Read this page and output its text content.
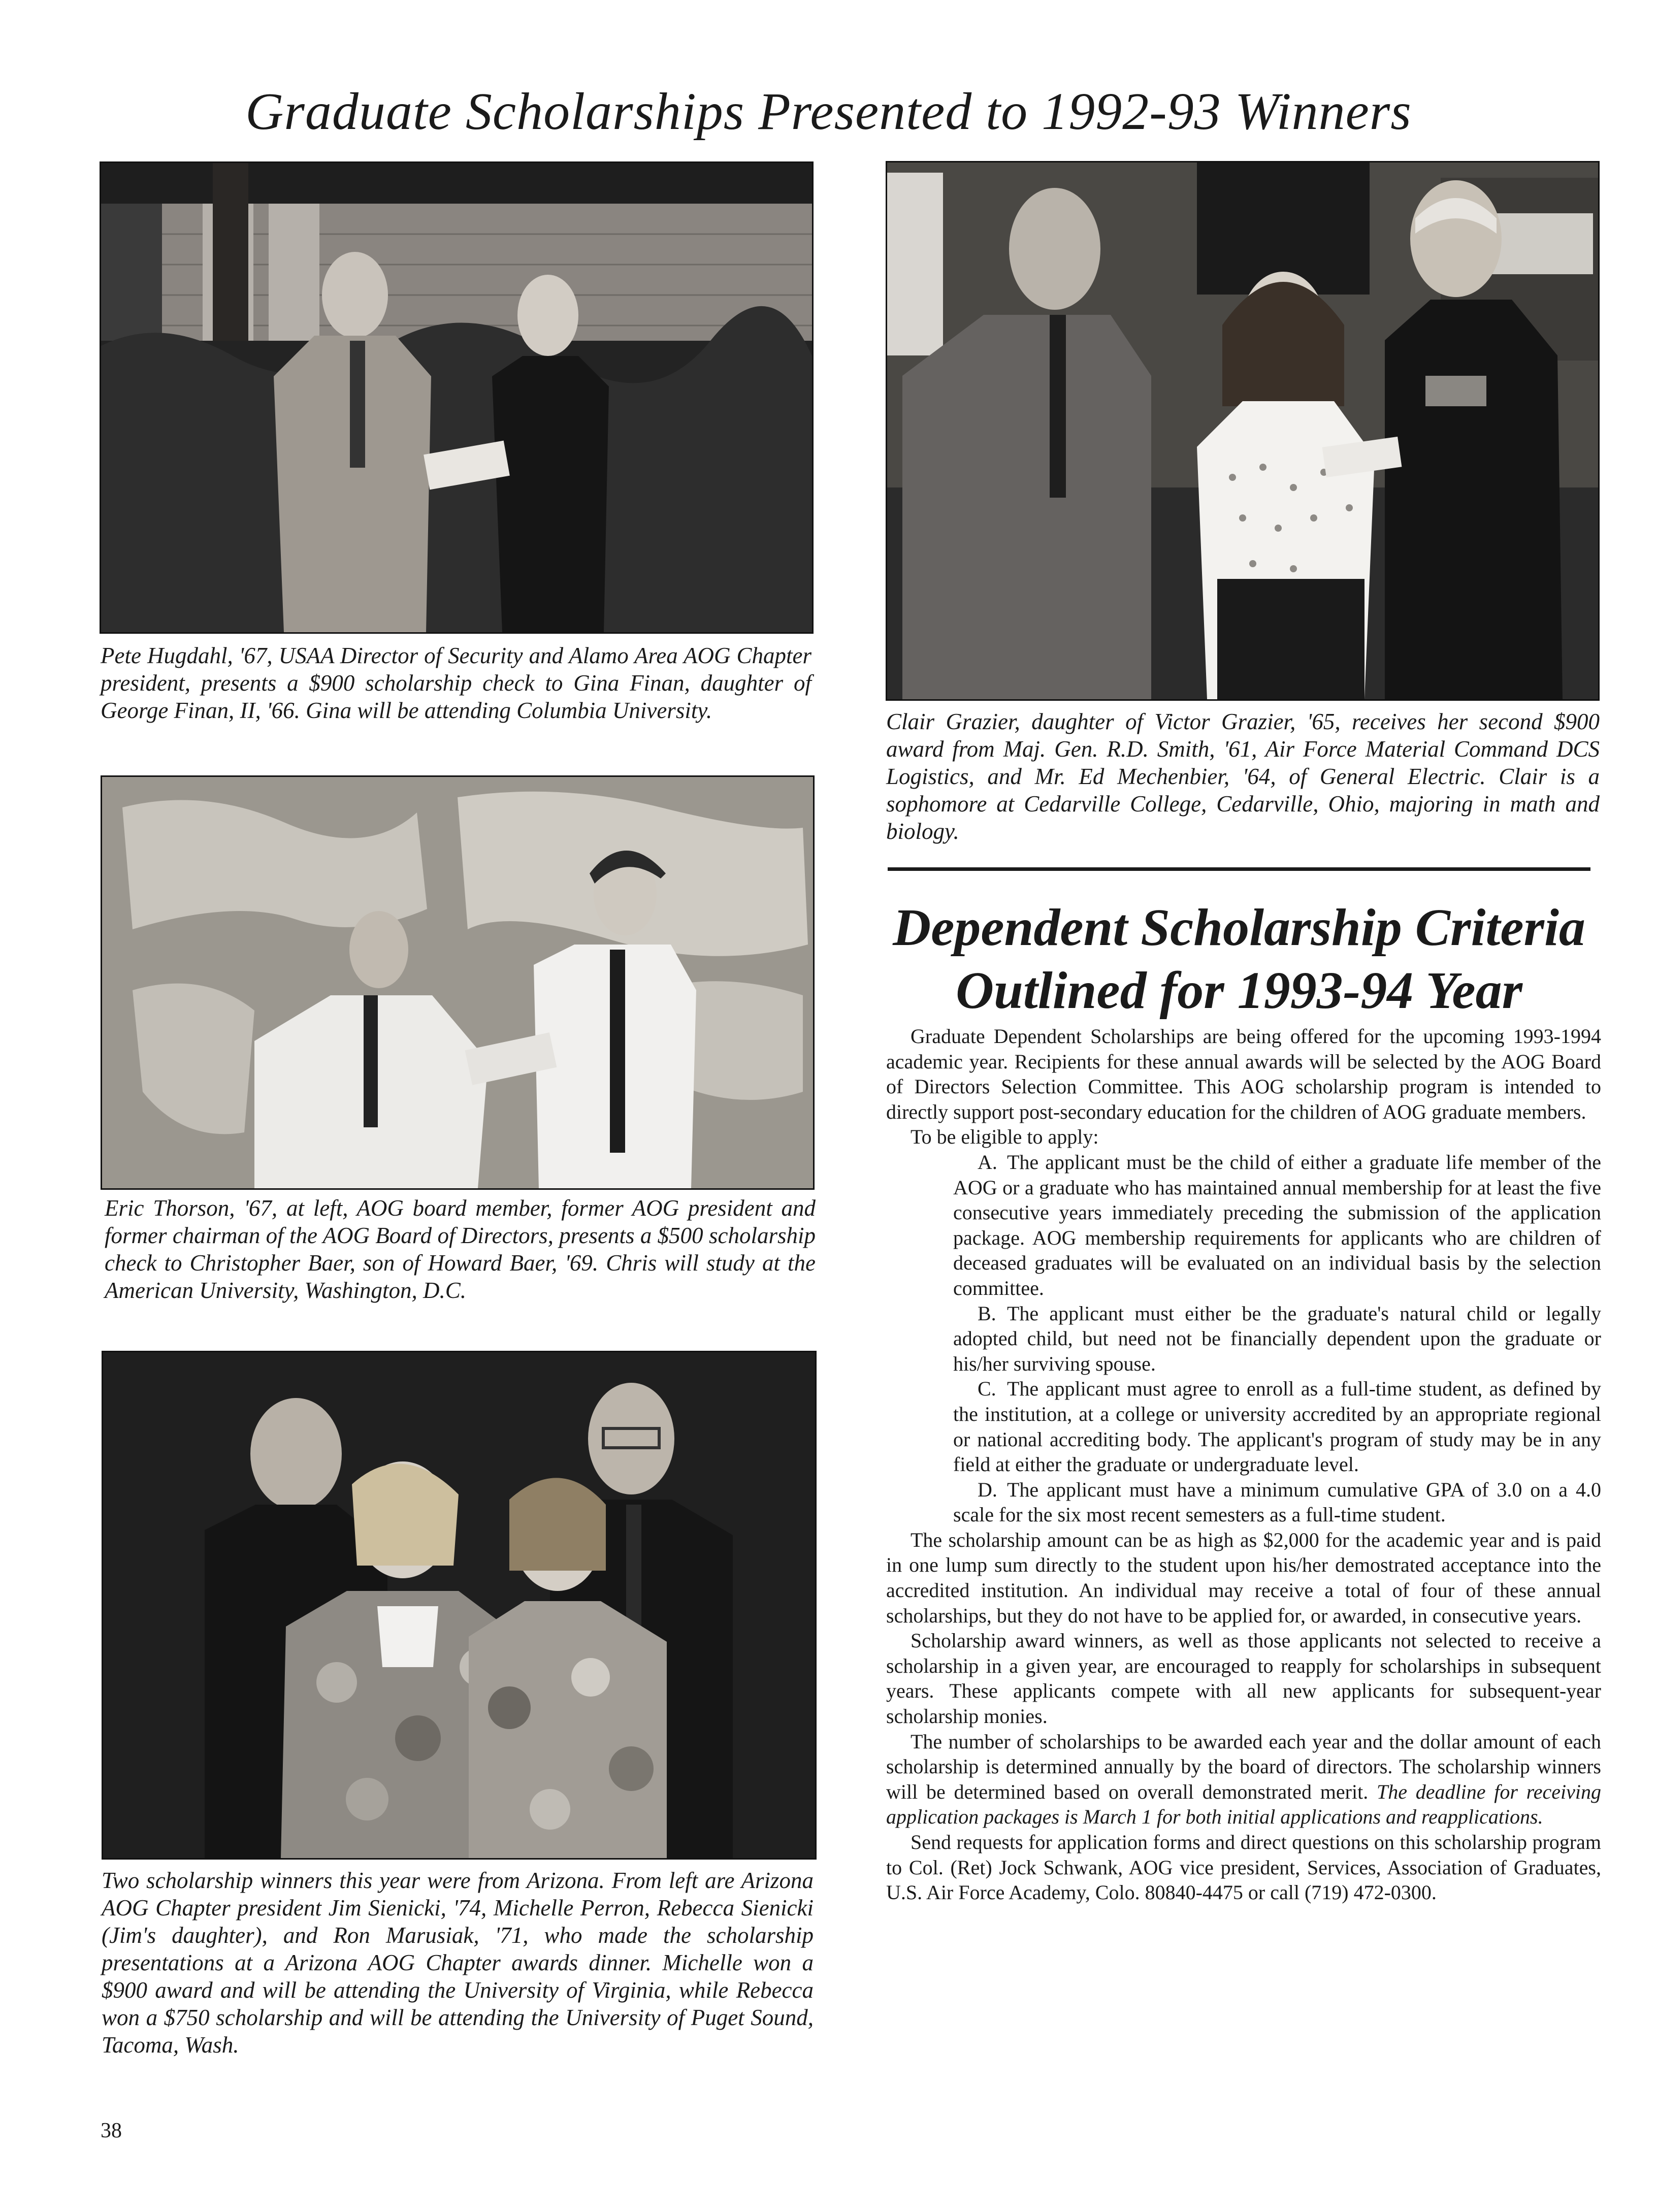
Graduate Scholarships Presented to 1992-93 Winners
Pete Hugdahl, '67, USAA Director of Security and Alamo Area AOG Chapter president, presents a $900 scholarship check to Gina Finan, daughter of George Finan, II, '66. Gina will be attending Columbia University.
Eric Thorson, '67, at left, AOG board member, former AOG president and former chairman of the AOG Board of Directors, presents a $500 scholarship check to Christopher Baer, son of Howard Baer, '69. Chris will study at the American University, Washington, D.C.
Two scholarship winners this year were from Arizona. From left are Arizona AOG Chapter president Jim Sienicki, '74, Michelle Perron, Rebecca Sienicki (Jim's daughter), and Ron Marusiak, '71, who made the scholarship presentations at a Arizona AOG Chapter awards dinner. Michelle won a $900 award and will be attending the University of Virginia, while Rebecca won a $750 scholarship and will be attending the University of Puget Sound, Tacoma, Wash.
Clair Grazier, daughter of Victor Grazier, '65, receives her second $900 award from Maj. Gen. R.D. Smith, '61, Air Force Material Command DCS Logistics, and Mr. Ed Mechenbier, '64, of General Electric. Clair is a sophomore at Cedarville College, Cedarville, Ohio, majoring in math and biology.
Dependent Scholarship Criteria
Outlined for 1993-94 Year

Graduate Dependent Scholarships are being offered for the upcoming 1993-1994 academic year. Recipients for these annual awards will be selected by the AOG Board of Directors Selection Committee. This AOG scholarship program is intended to directly support post-secondary education for the children of AOG graduate members.

To be eligible to apply:

A. The applicant must be the child of either a graduate life member of the AOG or a graduate who has maintained annual membership for at least the five consecutive years immediately preceding the submission of the application package. AOG membership requirements for applicants who are children of deceased graduates will be evaluated on an individual basis by the selection committee.

B. The applicant must either be the graduate's natural child or legally adopted child, but need not be financially dependent upon the graduate or his/her surviving spouse.

C. The applicant must agree to enroll as a full-time student, as defined by the institution, at a college or university accredited by an appropriate regional or national accrediting body. The applicant's program of study may be in any field at either the graduate or undergraduate level.

D. The applicant must have a minimum cumulative GPA of 3.0 on a 4.0 scale for the six most recent semesters as a full-time student.

The scholarship amount can be as high as $2,000 for the academic year and is paid in one lump sum directly to the student upon his/her demostrated acceptance into the accredited institution. An individual may receive a total of four of these annual scholarships, but they do not have to be applied for, or awarded, in consecutive years.

Scholarship award winners, as well as those applicants not selected to receive a scholarship in a given year, are encouraged to reapply for scholarships in subsequent years. These applicants compete with all new applicants for subsequent-year scholarship monies.

The number of scholarships to be awarded each year and the dollar amount of each scholarship is determined annually by the board of directors. The scholarship winners will be determined based on overall demonstrated merit. The deadline for receiving application packages is March 1 for both initial applications and reapplications.

Send requests for application forms and direct questions on this scholarship program to Col. (Ret) Jock Schwank, AOG vice president, Services, Association of Graduates, U.S. Air Force Academy, Colo. 80840-4475 or call (719) 472-0300.

38
